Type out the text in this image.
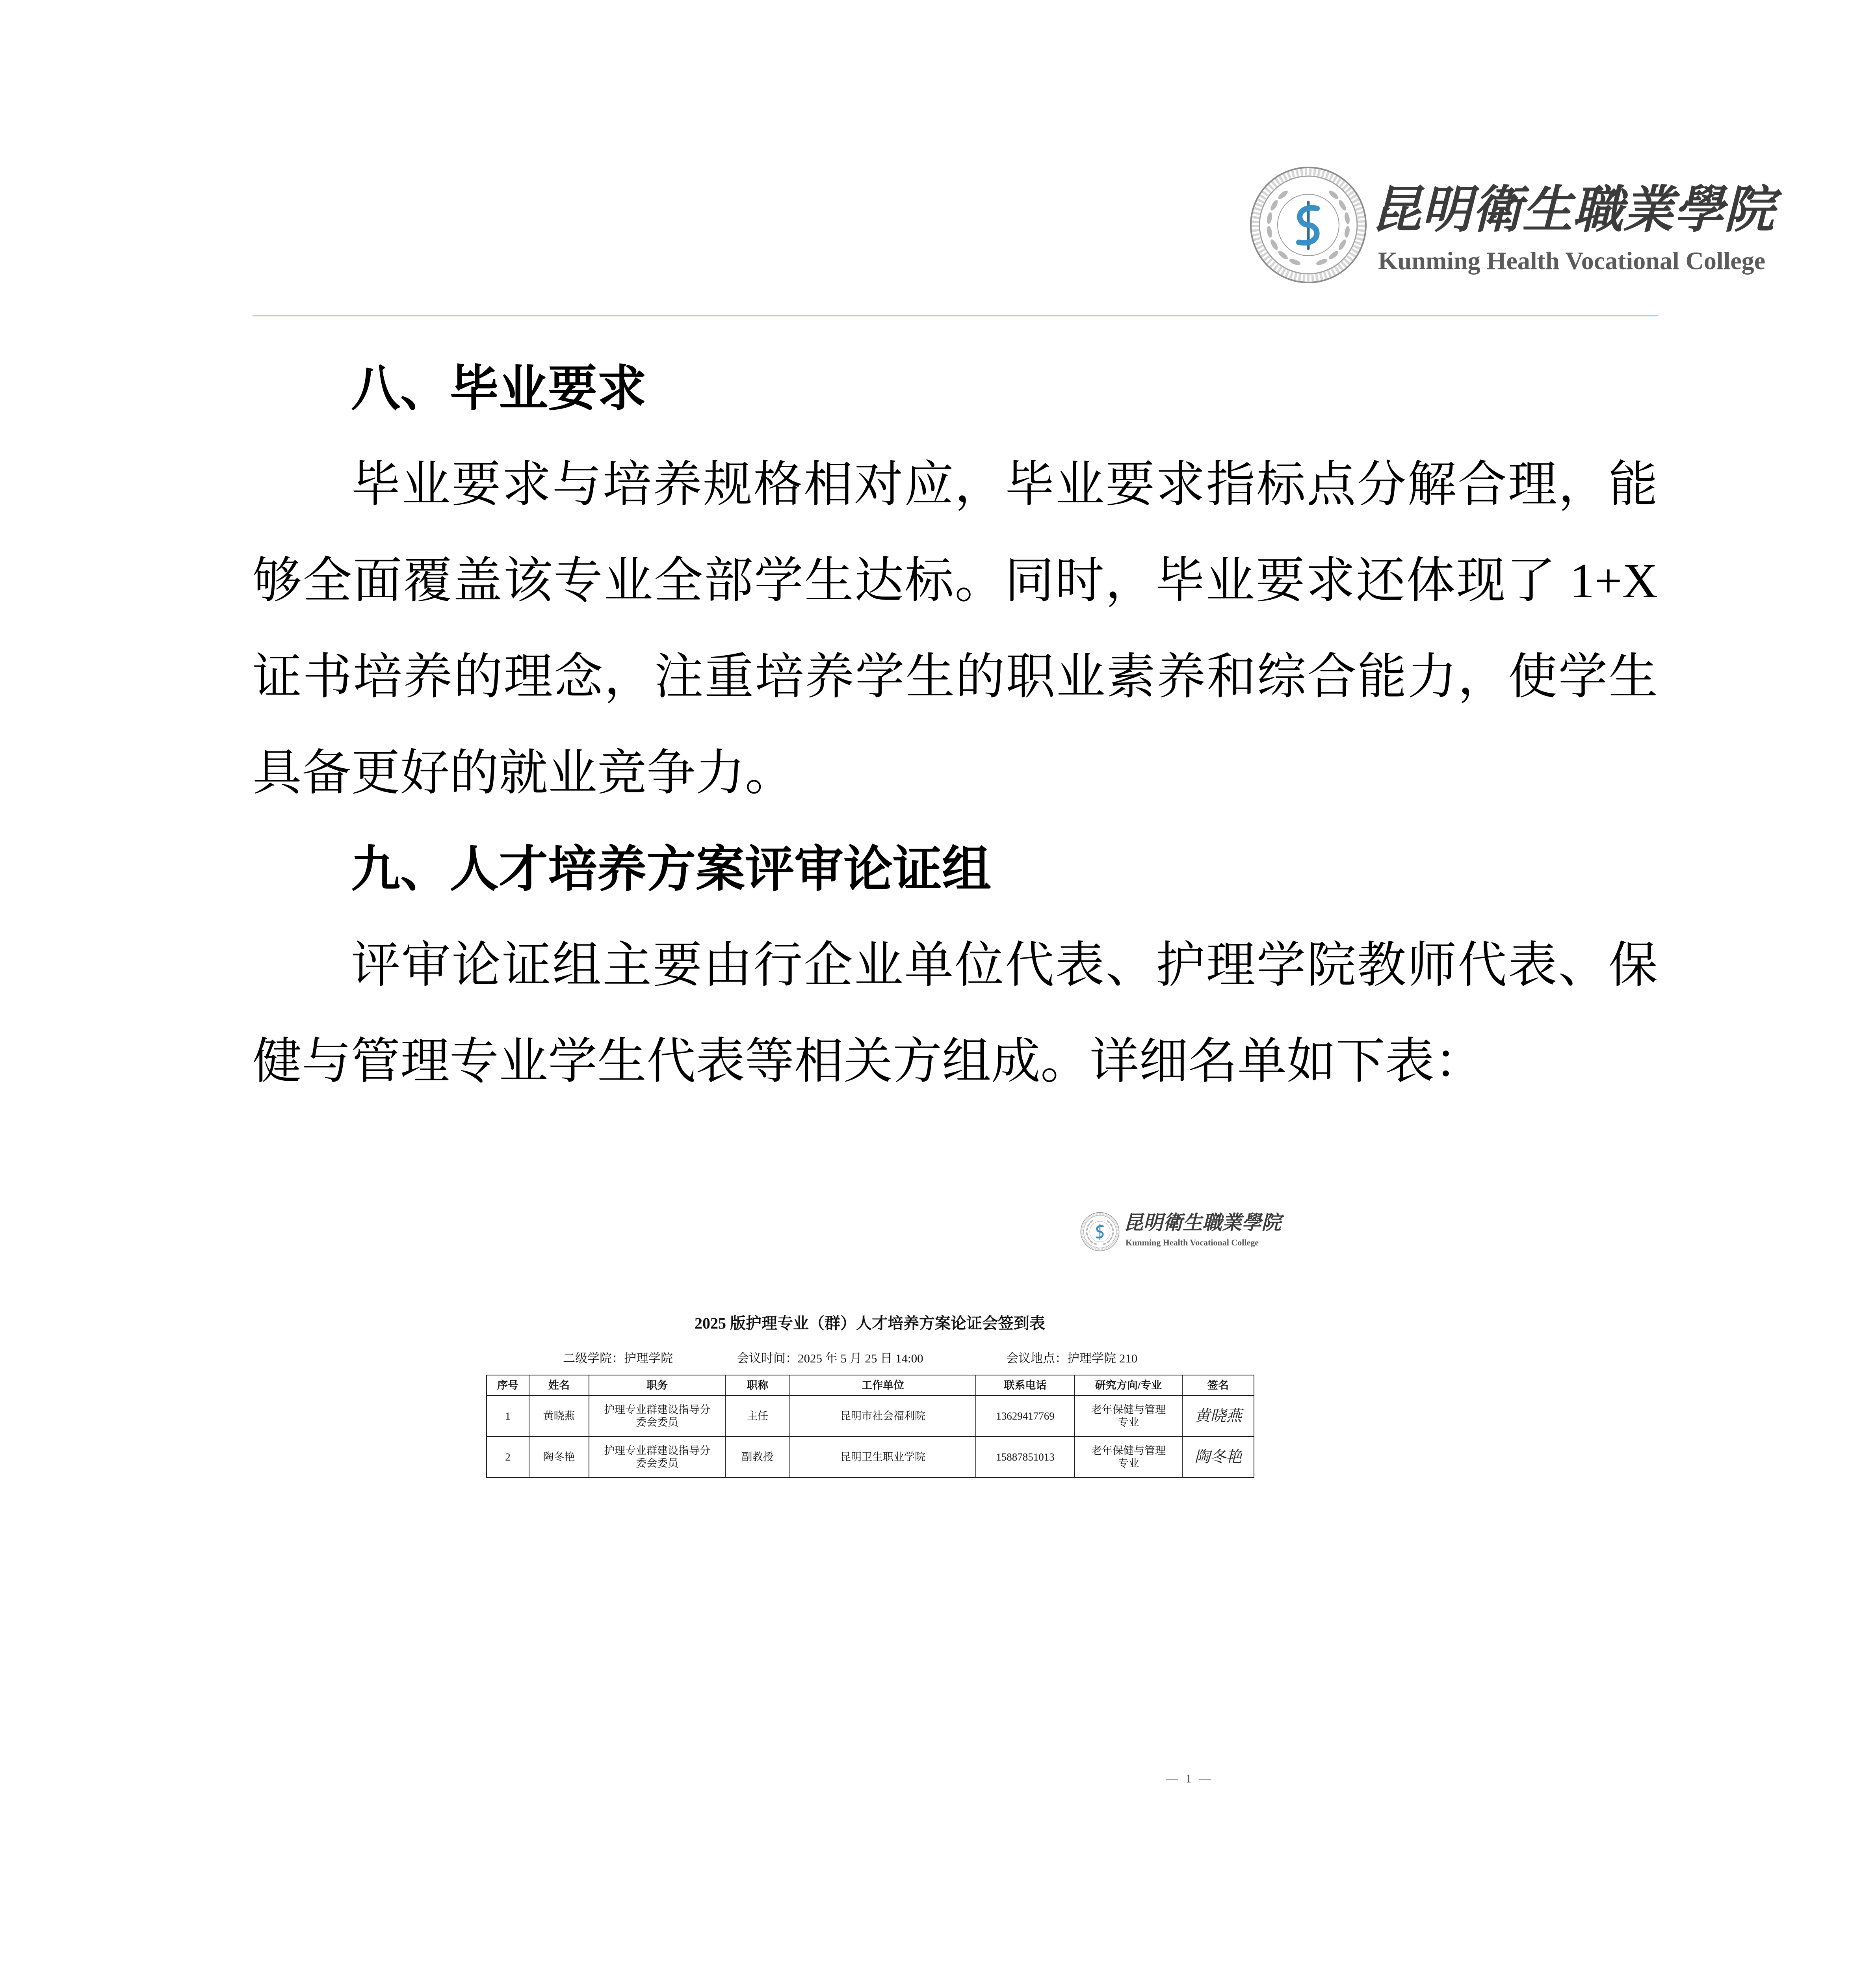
昆明衛生職業學院
Kunming Health Vocational College
八、毕业要求
毕业要求与培养规格相对应，毕业要求指标点分解合理，能
够全面覆盖该专业全部学生达标。同时，毕业要求还体现了 1+X
证书培养的理念，注重培养学生的职业素养和综合能力，使学生
具备更好的就业竞争力。
九、人才培养方案评审论证组
评审论证组主要由行企业单位代表、护理学院教师代表、保
健与管理专业学生代表等相关方组成。详细名单如下表：
昆明衛生職業學院
Kunming Health Vocational College
2025 版护理专业（群）人才培养方案论证会签到表
二级学院：护理学院	会议时间：2025 年 5 月 25 日 14:00	会议地点：护理学院 210
序号	姓名	职务	职称	工作单位	联系电话	研究方向/专业	签名
1	黄晓燕	护理专业群建设指导分委会委员	主任	昆明市社会福利院	13629417769	老年保健与管理专业	黄晓燕
2	陶冬艳	护理专业群建设指导分委会委员	副教授	昆明卫生职业学院	15887851013	老年保健与管理专业	陶冬艳
— 1 —
